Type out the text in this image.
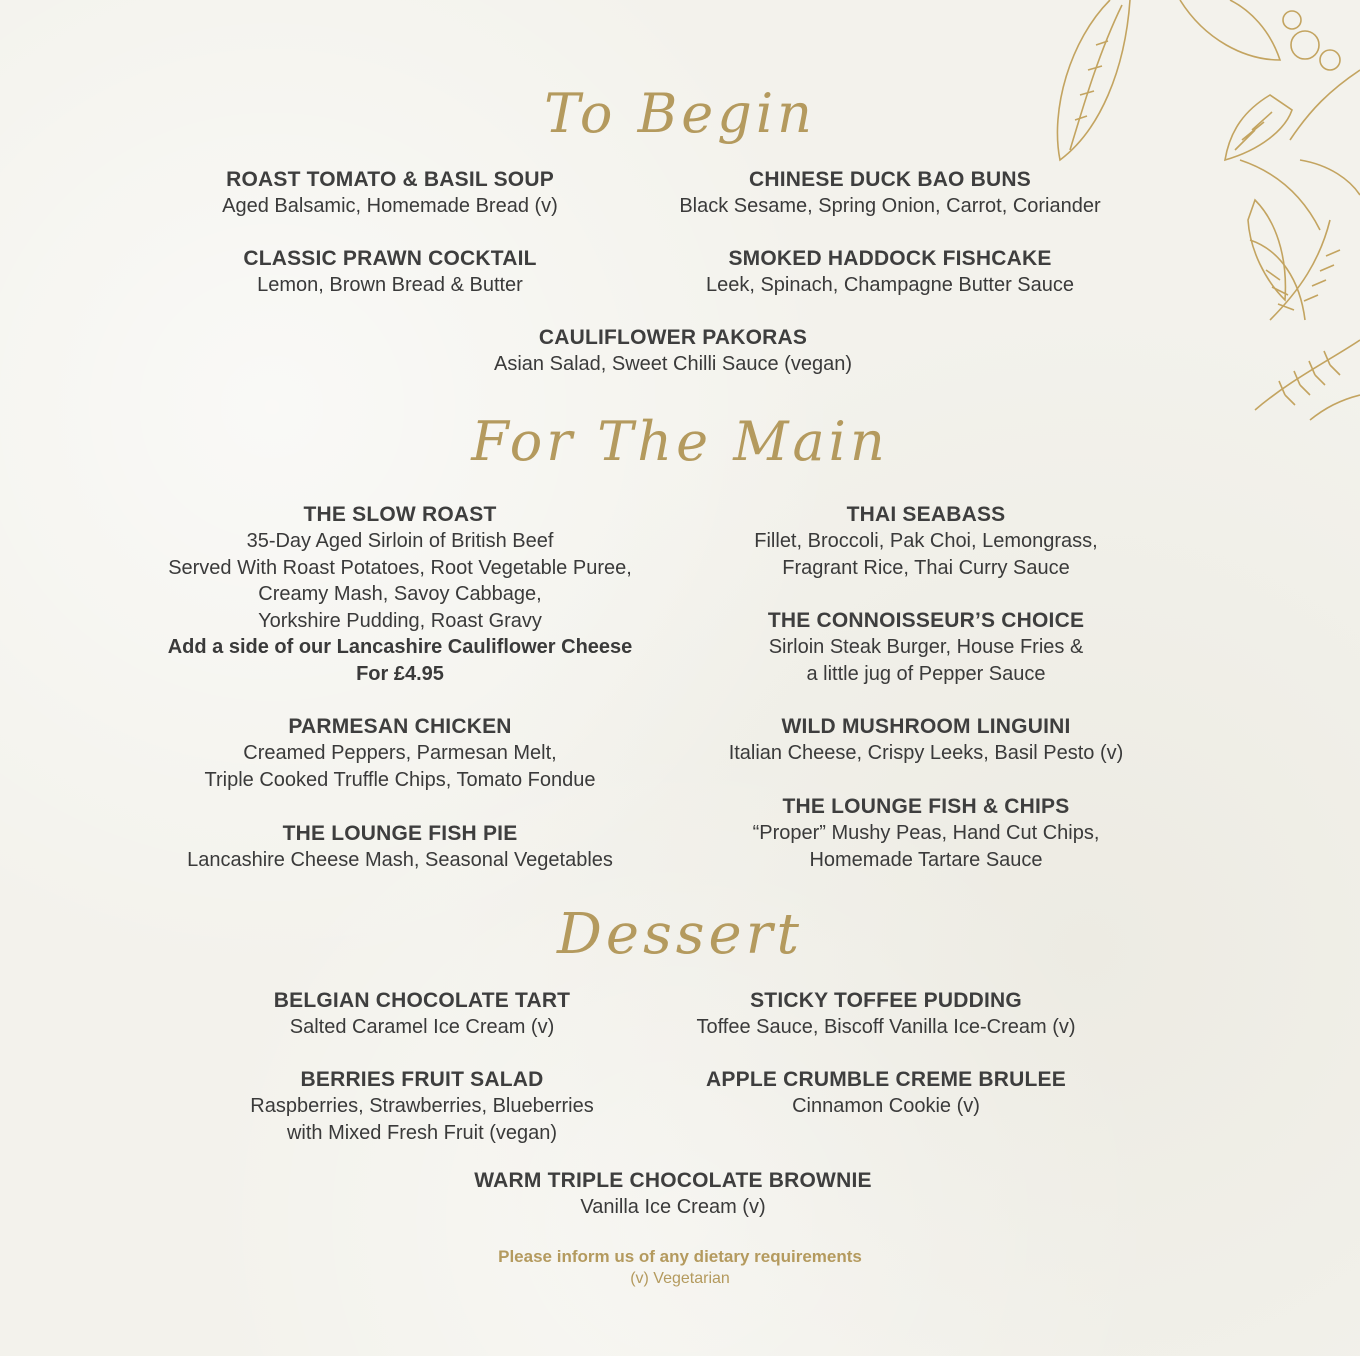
To Begin
ROAST TOMATO & BASIL SOUP
Aged Balsamic, Homemade Bread (v)
CHINESE DUCK BAO BUNS
Black Sesame, Spring Onion, Carrot, Coriander
CLASSIC PRAWN COCKTAIL
Lemon, Brown Bread & Butter
SMOKED HADDOCK FISHCAKE
Leek, Spinach, Champagne Butter Sauce
CAULIFLOWER PAKORAS
Asian Salad, Sweet Chilli Sauce (vegan)
For The Main
THE SLOW ROAST
35-Day Aged Sirloin of British Beef
Served With Roast Potatoes, Root Vegetable Puree,
Creamy Mash, Savoy Cabbage,
Yorkshire Pudding, Roast Gravy
Add a side of our Lancashire Cauliflower Cheese
For £4.95
THAI SEABASS
Fillet, Broccoli, Pak Choi, Lemongrass,
Fragrant Rice, Thai Curry Sauce
THE CONNOISSEUR’S CHOICE
Sirloin Steak Burger, House Fries &
a little jug of Pepper Sauce
PARMESAN CHICKEN
Creamed Peppers, Parmesan Melt,
Triple Cooked Truffle Chips, Tomato Fondue
WILD MUSHROOM LINGUINI
Italian Cheese, Crispy Leeks, Basil Pesto (v)
THE LOUNGE FISH & CHIPS
“Proper” Mushy Peas, Hand Cut Chips,
Homemade Tartare Sauce
THE LOUNGE FISH PIE
Lancashire Cheese Mash, Seasonal Vegetables
Dessert
BELGIAN CHOCOLATE TART
Salted Caramel Ice Cream (v)
STICKY TOFFEE PUDDING
Toffee Sauce, Biscoff Vanilla Ice-Cream (v)
BERRIES FRUIT SALAD
Raspberries, Strawberries, Blueberries
with Mixed Fresh Fruit (vegan)
APPLE CRUMBLE CREME BRULEE
Cinnamon Cookie (v)
WARM TRIPLE CHOCOLATE BROWNIE
Vanilla Ice Cream (v)
Please inform us of any dietary requirements
(v) Vegetarian
